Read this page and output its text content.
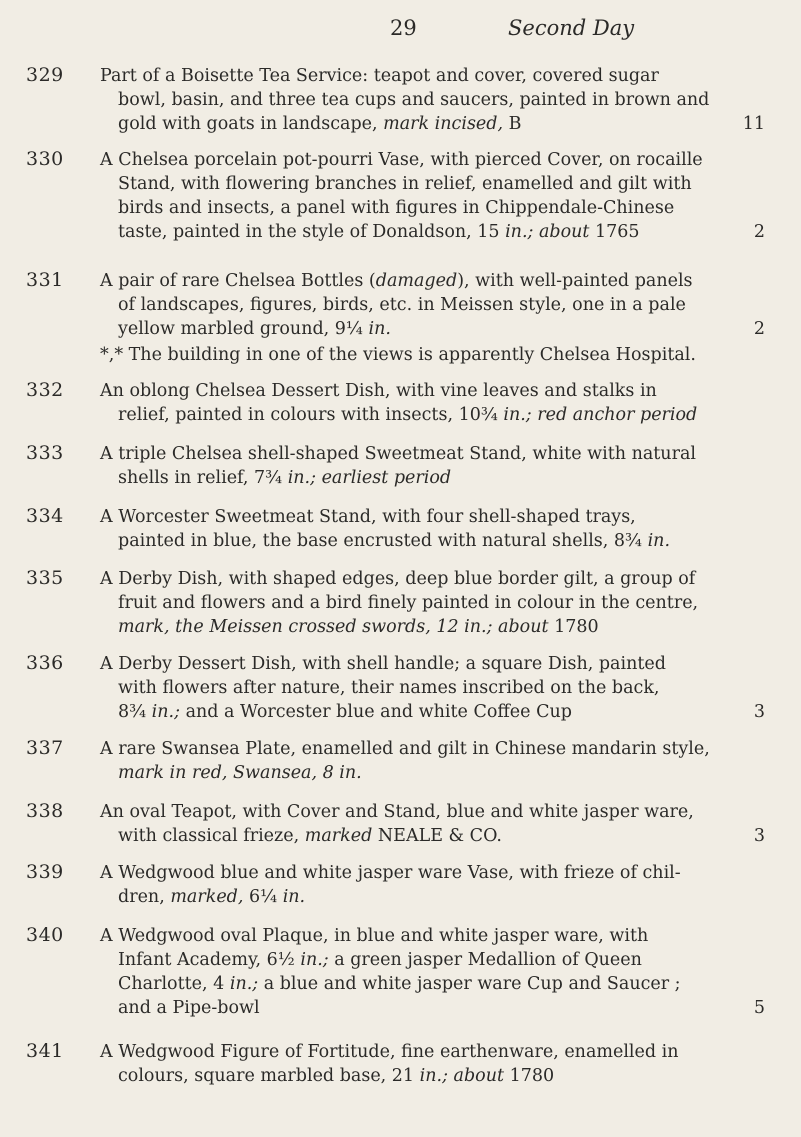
29	Second Day
329 Part of a Boisette Tea Service: teapot and cover, covered sugar
bowl, basin, and three tea cups and saucers, painted in brown and
gold with goats in landscape, mark incised, B	11
330 A Chelsea porcelain pot-pourri Vase, with pierced Cover, on rocaille
Stand, with flowering branches in relief, enamelled and gilt with
birds and insects, a panel with figures in Chippendale-Chinese
taste, painted in the style of Donaldson, 15 in.; about 1765	2
331 A pair of rare Chelsea Bottles (damaged), with well-painted panels
of landscapes, figures, birds, etc. in Meissen style, one in a pale
yellow marbled ground, 9¼ in.	2
332 An oblong Chelsea Dessert Dish, with vine leaves and stalks in
relief, painted in colours with insects, 10¾ in.; red anchor period
333 A triple Chelsea shell-shaped Sweetmeat Stand, white with natural
shells in relief, 7¾ in.; earliest period
334 A Worcester Sweetmeat Stand, with four shell-shaped trays,
painted in blue, the base encrusted with natural shells, 8¾ in.
335 A Derby Dish, with shaped edges, deep blue border gilt, a group of
fruit and flowers and a bird finely painted in colour in the centre,
mark, the Meissen crossed swords, 12 in.; about 1780
336 A Derby Dessert Dish, with shell handle; a square Dish, painted
with flowers after nature, their names inscribed on the back,
8¾ in.; and a Worcester blue and white Coffee Cup	3
337 A rare Swansea Plate, enamelled and gilt in Chinese mandarin style,
mark in red, Swansea, 8 in.
338 An oval Teapot, with Cover and Stand, blue and white jasper ware,
with classical frieze, marked NEALE & CO.	3
339 A Wedgwood blue and white jasper ware Vase, with frieze of chil-
dren, marked, 6¼ in.
340 A Wedgwood oval Plaque, in blue and white jasper ware, with
Infant Academy, 6½ in.; a green jasper Medallion of Queen
Charlotte, 4 in.; a blue and white jasper ware Cup and Saucer ;
and a Pipe-bowl	5
341 A Wedgwood Figure of Fortitude, fine earthenware, enamelled in
colours, square marbled base, 21 in.; about 1780
*,* The building in one of the views is apparently Chelsea Hospital.
